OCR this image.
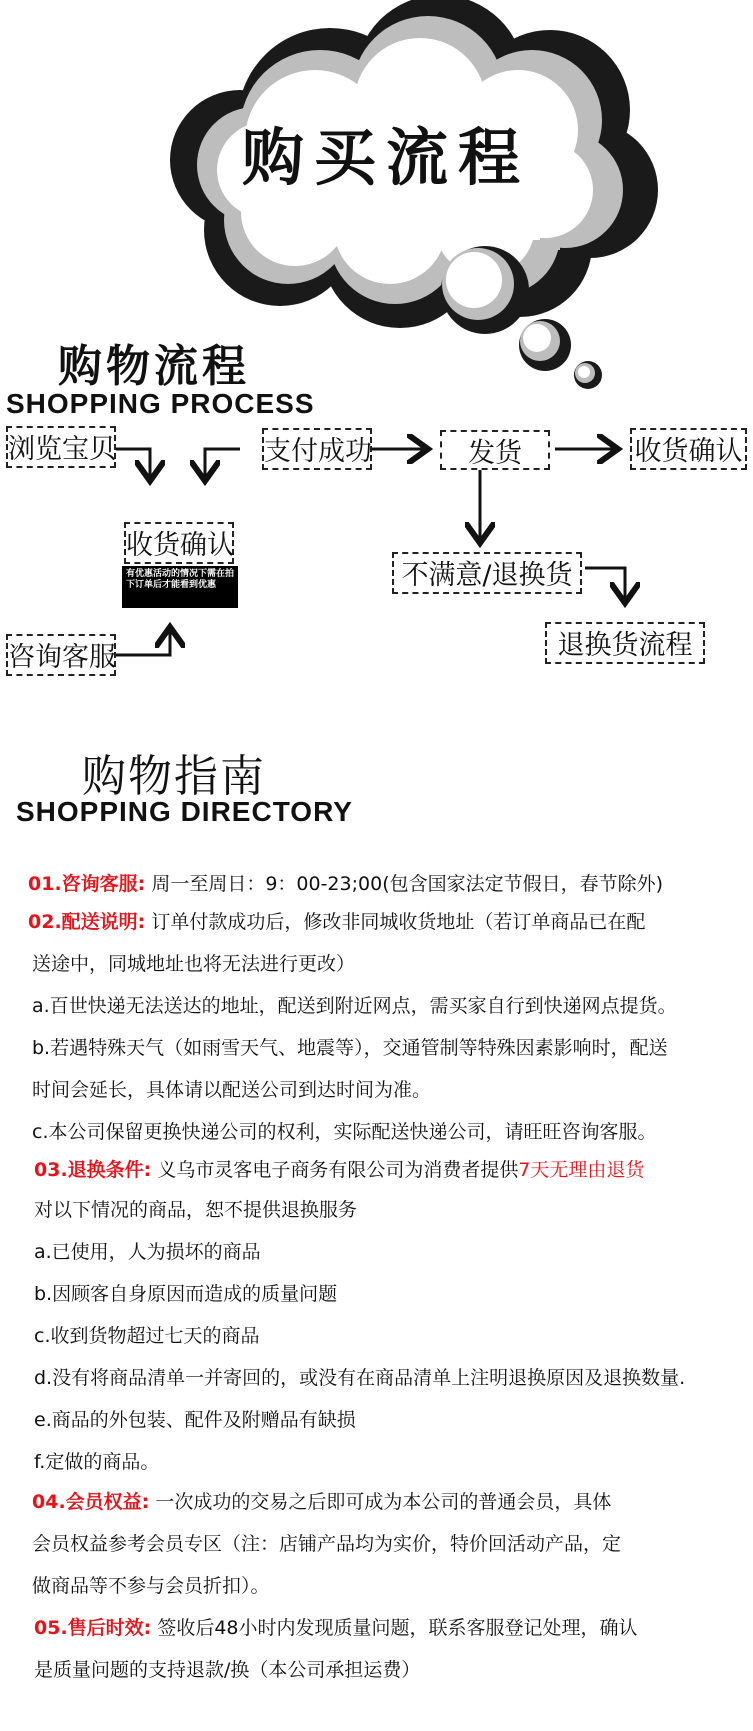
购买流程
购物流程
SHOPPING PROCESS
浏览宝贝
收货确认
有优惠活动的情况下需在拍下订单后才能看到优惠
支付成功	发货	收货确认
咨询客服
不满意/退换货
退换货流程
购物指南
SHOPPING DIRECTORY
01.咨询客服: 周一至周日：9：00-23;00(包含国家法定节假日，春节除外)
02.配送说明: 订单付款成功后，修改非同城收货地址（若订单商品已在配
送途中，同城地址也将无法进行更改）
a.百世快递无法送达的地址，配送到附近网点，需买家自行到快递网点提货。
b.若遇特殊天气（如雨雪天气、地震等），交通管制等特殊因素影响时，配送
时间会延长，具体请以配送公司到达时间为准。
c.本公司保留更换快递公司的权利，实际配送快递公司，请旺旺咨询客服。
03.退换条件: 义乌市灵客电子商务有限公司为消费者提供7天无理由退货
对以下情况的商品，恕不提供退换服务
a.已使用，人为损坏的商品
b.因顾客自身原因而造成的质量问题
c.收到货物超过七天的商品
d.没有将商品清单一并寄回的，或没有在商品清单上注明退换原因及退换数量.
e.商品的外包装、配件及附赠品有缺损
f.定做的商品。
04.会员权益: 一次成功的交易之后即可成为本公司的普通会员，具体
会员权益参考会员专区（注：店铺产品均为实价，特价回活动产品，定
做商品等不参与会员折扣）。
05.售后时效: 签收后48小时内发现质量问题，联系客服登记处理，确认
是质量问题的支持退款/换（本公司承担运费）
